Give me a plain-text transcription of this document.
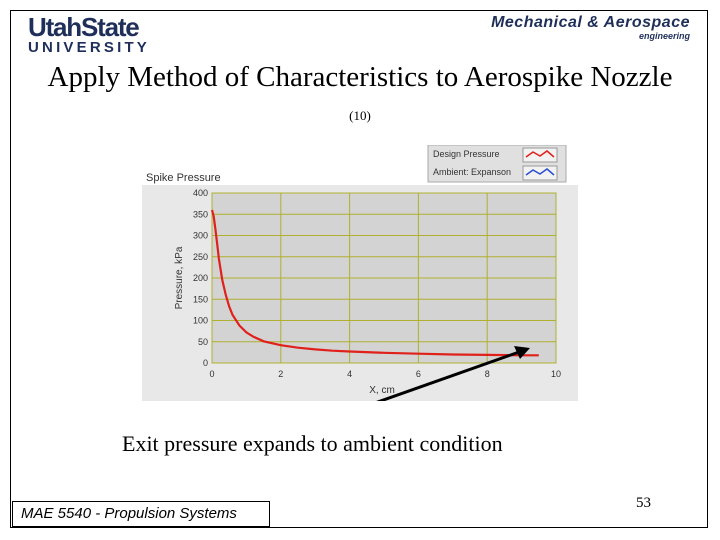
UtahState
UNIVERSITY
Mechanical & Aerospace
engineering
Apply Method of Characteristics to Aerospike Nozzle (10)
0
50
100
150
200
250
300
350
400
0	2	4	6	8	10
Spike Pressure
Pressure, kPa
X, cm
Design Pressure
Ambient: Expanson
Exit pressure expands to ambient condition
MAE 5540 - Propulsion Systems
53
